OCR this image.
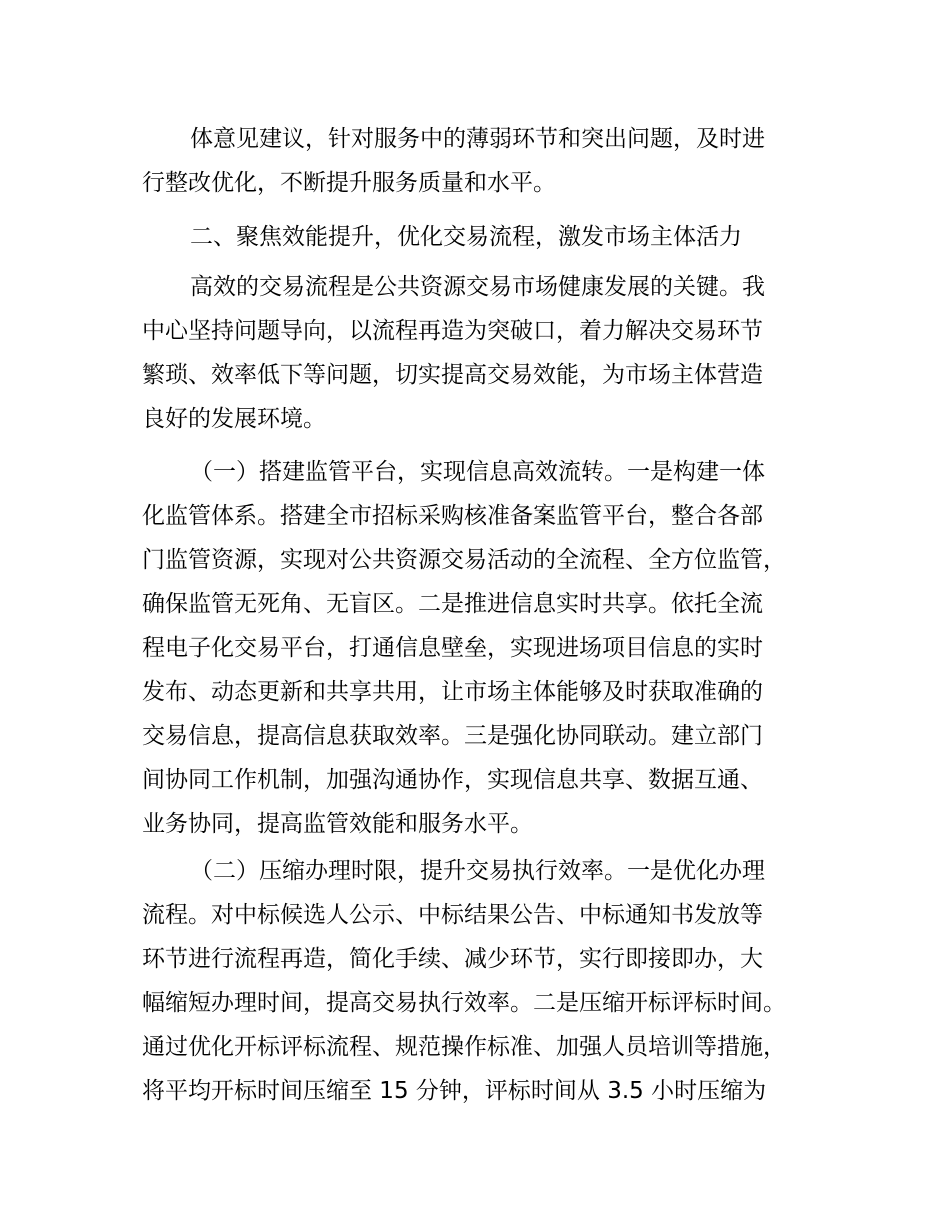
体意见建议，针对服务中的薄弱环节和突出问题，及时进
行整改优化，不断提升服务质量和水平。
二、聚焦效能提升，优化交易流程，激发市场主体活力
高效的交易流程是公共资源交易市场健康发展的关键。我
中心坚持问题导向，以流程再造为突破口，着力解决交易环节
繁琐、效率低下等问题，切实提高交易效能，为市场主体营造
良好的发展环境。
（一）搭建监管平台，实现信息高效流转。一是构建一体
化监管体系。搭建全市招标采购核准备案监管平台，整合各部
门监管资源，实现对公共资源交易活动的全流程、全方位监管，
确保监管无死角、无盲区。二是推进信息实时共享。依托全流
程电子化交易平台，打通信息壁垒，实现进场项目信息的实时
发布、动态更新和共享共用，让市场主体能够及时获取准确的
交易信息，提高信息获取效率。三是强化协同联动。建立部门
间协同工作机制，加强沟通协作，实现信息共享、数据互通、
业务协同，提高监管效能和服务水平。
（二）压缩办理时限，提升交易执行效率。一是优化办理
流程。对中标候选人公示、中标结果公告、中标通知书发放等
环节进行流程再造，简化手续、减少环节，实行即接即办，大
幅缩短办理时间，提高交易执行效率。二是压缩开标评标时间。
通过优化开标评标流程、规范操作标准、加强人员培训等措施，
将平均开标时间压缩至 15 分钟，评标时间从 3.5 小时压缩为
